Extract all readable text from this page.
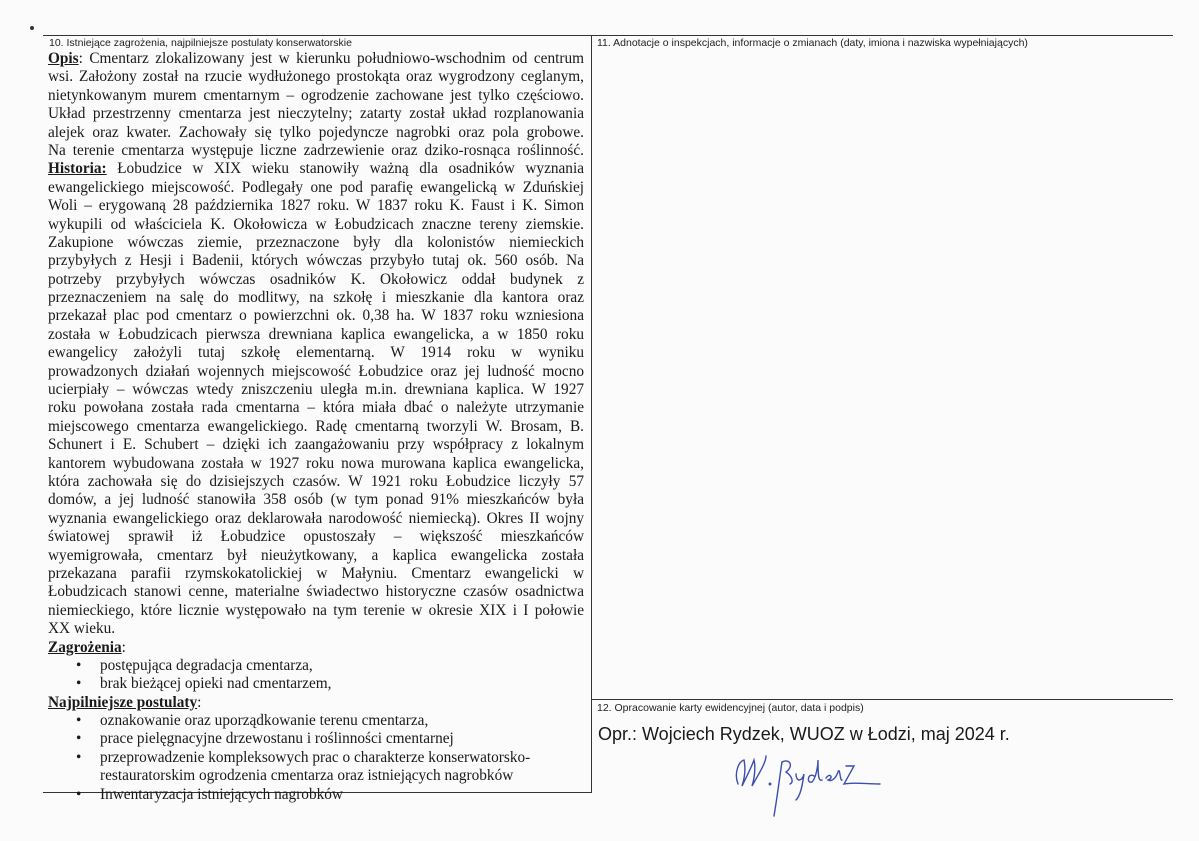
10. Istniejące zagrożenia, najpilniejsze postulaty konserwatorskie	11. Adnotacje o inspekcjach, informacje o zmianach (daty, imiona i nazwiska wypełniających)
12. Opracowanie karty ewidencyjnej (autor, data i podpis)
Opis: Cmentarz zlokalizowany jest w kierunku południowo-wschodnim od centrum
wsi. Założony został na rzucie wydłużonego prostokąta oraz wygrodzony ceglanym,
nietynkowanym murem cmentarnym – ogrodzenie zachowane jest tylko częściowo.
Układ przestrzenny cmentarza jest nieczytelny; zatarty został układ rozplanowania
alejek oraz kwater. Zachowały się tylko pojedyncze nagrobki oraz pola grobowe.
Na terenie cmentarza występuje liczne zadrzewienie oraz dziko-rosnąca roślinność.
Historia: Łobudzice w XIX wieku stanowiły ważną dla osadników wyznania
ewangelickiego miejscowość. Podlegały one pod parafię ewangelicką w Zduńskiej
Woli – erygowaną 28 października 1827 roku. W 1837 roku K. Faust i K. Simon
wykupili od właściciela K. Okołowicza w Łobudzicach znaczne tereny ziemskie.
Zakupione wówczas ziemie, przeznaczone były dla kolonistów niemieckich
przybyłych z Hesji i Badenii, których wówczas przybyło tutaj ok. 560 osób. Na
potrzeby przybyłych wówczas osadników K. Okołowicz oddał budynek z
przeznaczeniem na salę do modlitwy, na szkołę i mieszkanie dla kantora oraz
przekazał plac pod cmentarz o powierzchni ok. 0,38 ha. W 1837 roku wzniesiona
została w Łobudzicach pierwsza drewniana kaplica ewangelicka, a w 1850 roku
ewangelicy założyli tutaj szkołę elementarną. W 1914 roku w wyniku
prowadzonych działań wojennych miejscowość Łobudzice oraz jej ludność mocno
ucierpiały – wówczas wtedy zniszczeniu uległa m.in. drewniana kaplica. W 1927
roku powołana została rada cmentarna – która miała dbać o należyte utrzymanie
miejscowego cmentarza ewangelickiego. Radę cmentarną tworzyli W. Brosam, B.
Schunert i E. Schubert – dzięki ich zaangażowaniu przy współpracy z lokalnym
kantorem wybudowana została w 1927 roku nowa murowana kaplica ewangelicka,
która zachowała się do dzisiejszych czasów. W 1921 roku Łobudzice liczyły 57
domów, a jej ludność stanowiła 358 osób (w tym ponad 91% mieszkańców była
wyznania ewangelickiego oraz deklarowała narodowość niemiecką). Okres II wojny
światowej sprawił iż Łobudzice opustoszały – większość mieszkańców
wyemigrowała, cmentarz był nieużytkowany, a kaplica ewangelicka została
przekazana parafii rzymskokatolickiej w Małyniu. Cmentarz ewangelicki w
Łobudzicach stanowi cenne, materialne świadectwo historyczne czasów osadnictwa
niemieckiego, które licznie występowało na tym terenie w okresie XIX i I połowie
XX wieku.
Zagrożenia:
• postępująca degradacja cmentarza,
• brak bieżącej opieki nad cmentarzem,
Najpilniejsze postulaty:
• oznakowanie oraz uporządkowanie terenu cmentarza,
• prace pielęgnacyjne drzewostanu i roślinności cmentarnej
• przeprowadzenie kompleksowych prac o charakterze konserwatorsko-
restauratorskim ogrodzenia cmentarza oraz istniejących nagrobków
• Inwentaryzacja istniejących nagrobków
Opr.: Wojciech Rydzek, WUOZ w Łodzi, maj 2024 r.
